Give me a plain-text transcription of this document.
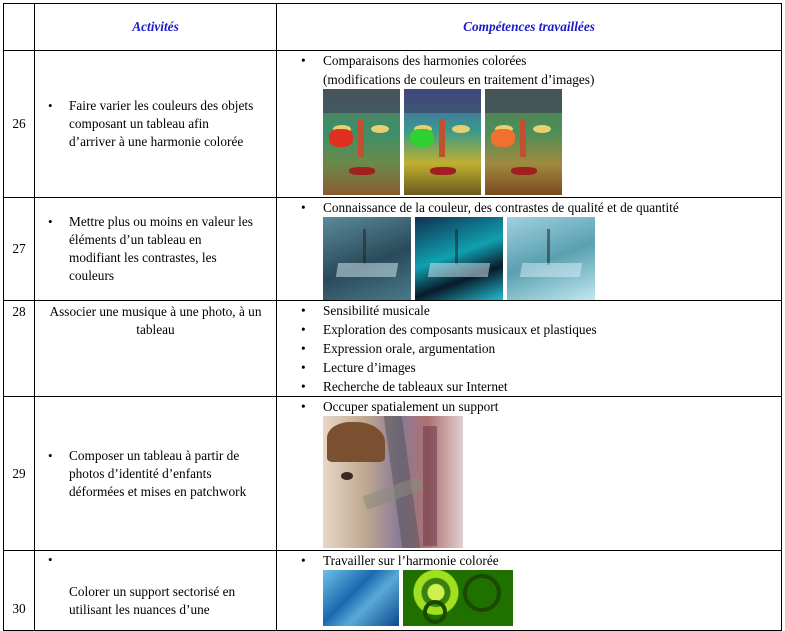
	Activités	Compétences travaillées
26	• Faire varier les couleurs des objets composant un tableau afin d’arriver à une harmonie colorée	• Comparaisons des harmonies colorées
(modifications de couleurs en traitement d’images)

27	• Mettre plus ou moins en valeur les éléments d’un tableau en modifiant les contrastes, les couleurs	• Connaissance de la couleur, des contrastes de qualité et de quantité

28	Associer une musique à une photo, à un tableau	• Sensibilité musicale
• Exploration des composants musicaux et plastiques
• Expression orale, argumentation
• Lecture d’images
• Recherche de tableaux sur Internet

29	• Composer un tableau à partir de photos d’identité d’enfants déformées et mises en patchwork	• Occuper spatialement un support

30	• Colorer un support sectorisé en utilisant les nuances d’une	• Travailler sur l’harmonie colorée
